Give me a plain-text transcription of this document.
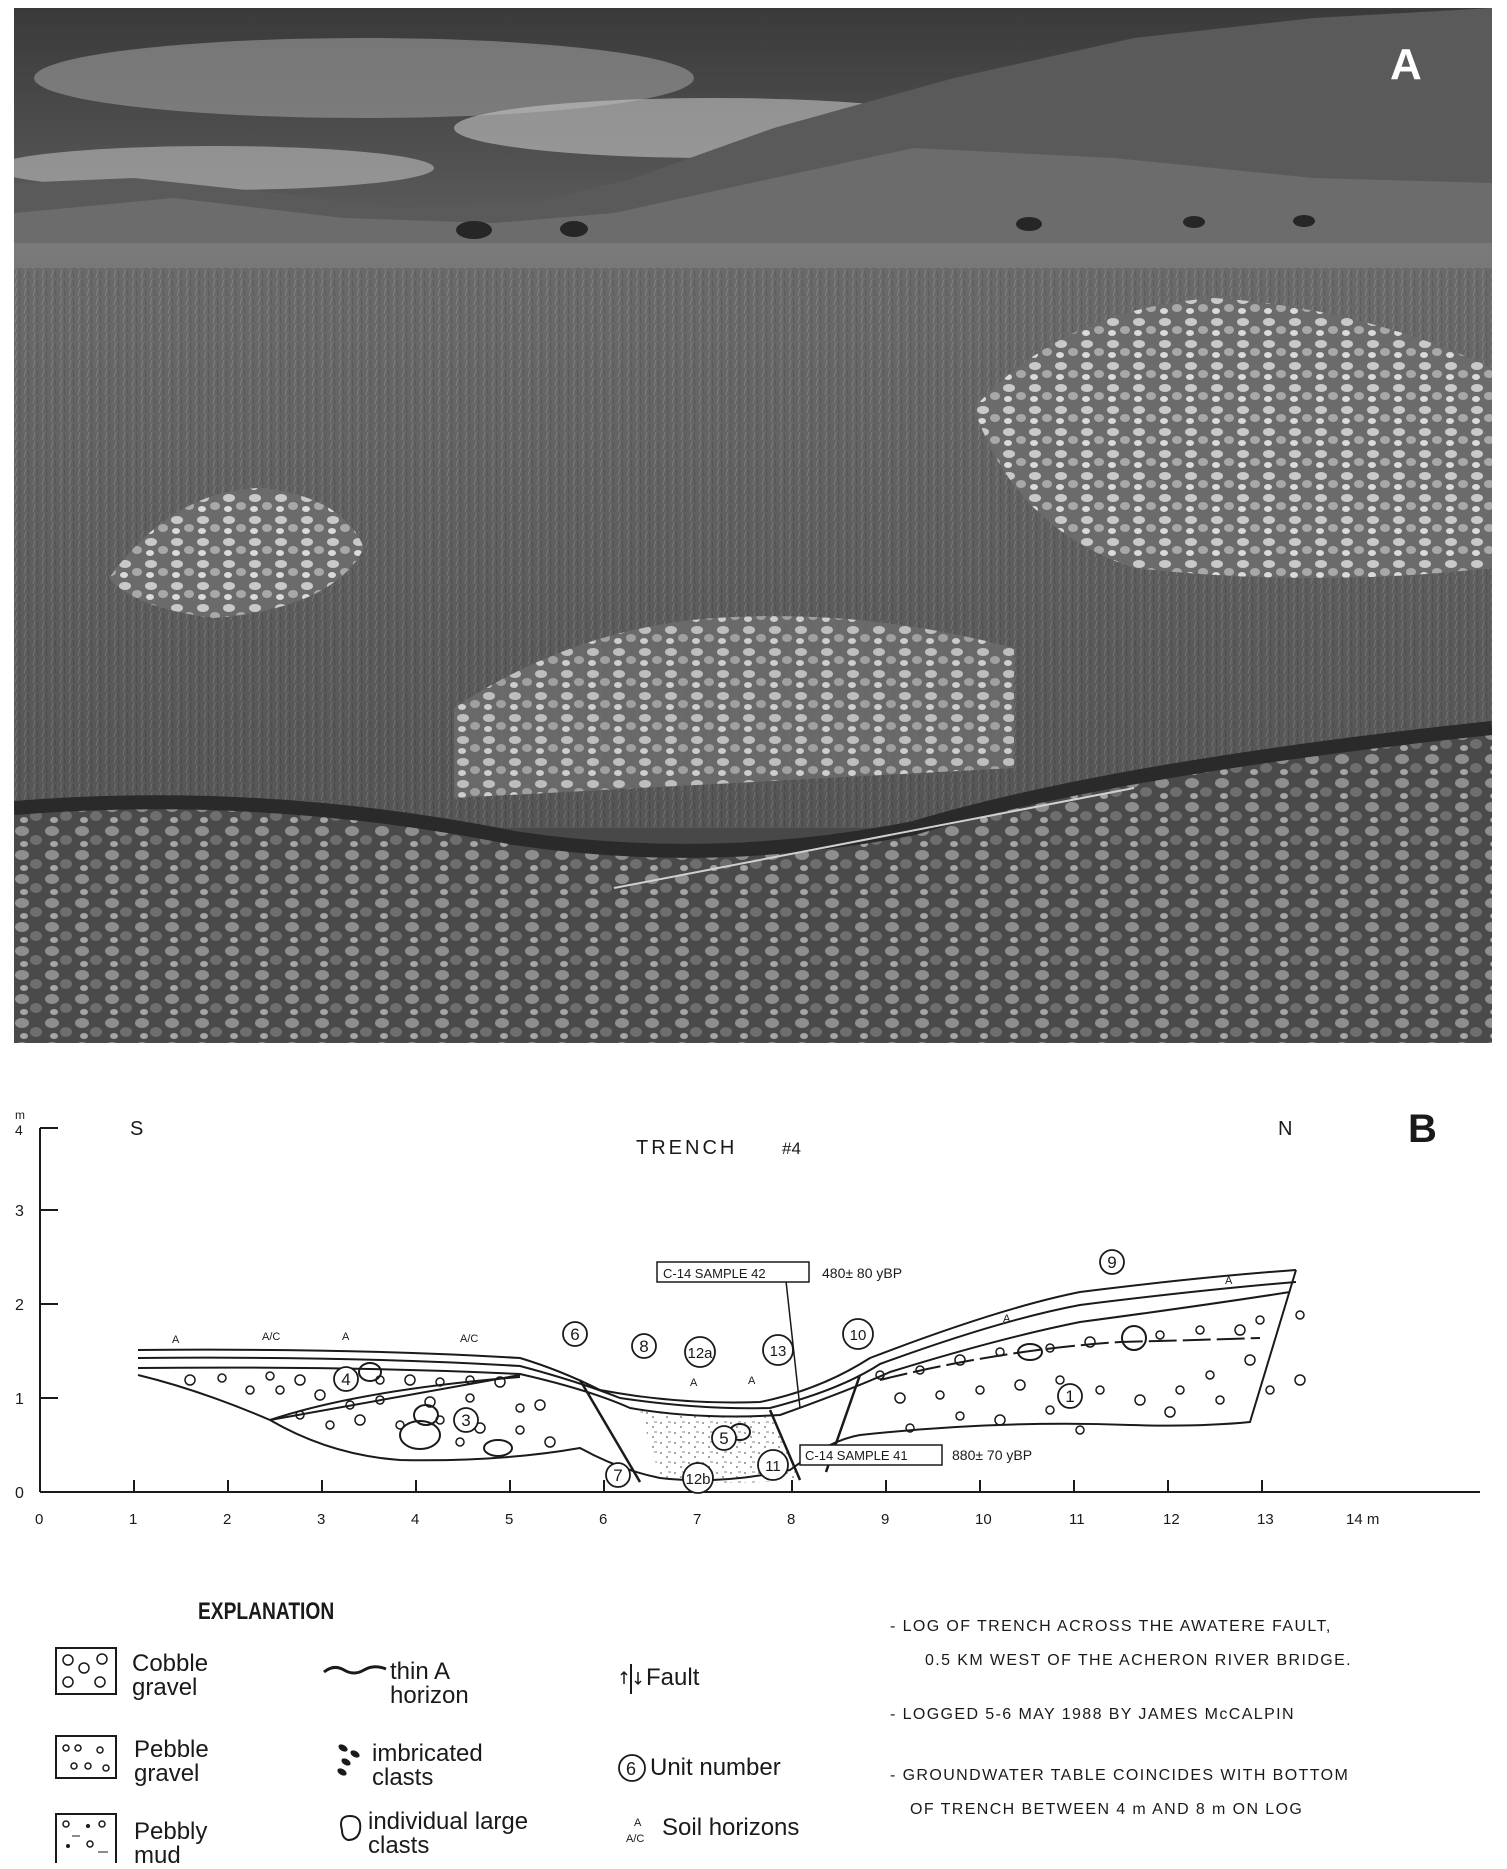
A
0
1
2
3
4
m
0	1	2	3	4	5	6	7	8	9	10	11	12	13	14 m
S	N
TRENCH	#4	B
A	A/C	A	A/C
A	A
A
A
1
3
4
5
6
7
8
9
10
11
12a
12b
13
C-14 SAMPLE 42	480± 80 yBP
C-14 SAMPLE 41	880± 70 yBP
EXPLANATION
Cobble gravel
Pebble gravel
Pebbly mud
thin A horizon
imbricated clasts
individual large clasts
Fault
6 Unit number
A
A/C Soil horizons
- LOG OF TRENCH ACROSS THE AWATERE FAULT,
0.5 KM WEST OF THE ACHERON RIVER BRIDGE.
- LOGGED 5-6 MAY 1988 BY JAMES McCALPIN
- GROUNDWATER TABLE COINCIDES WITH BOTTOM
OF TRENCH BETWEEN 4 m AND 8 m ON LOG
